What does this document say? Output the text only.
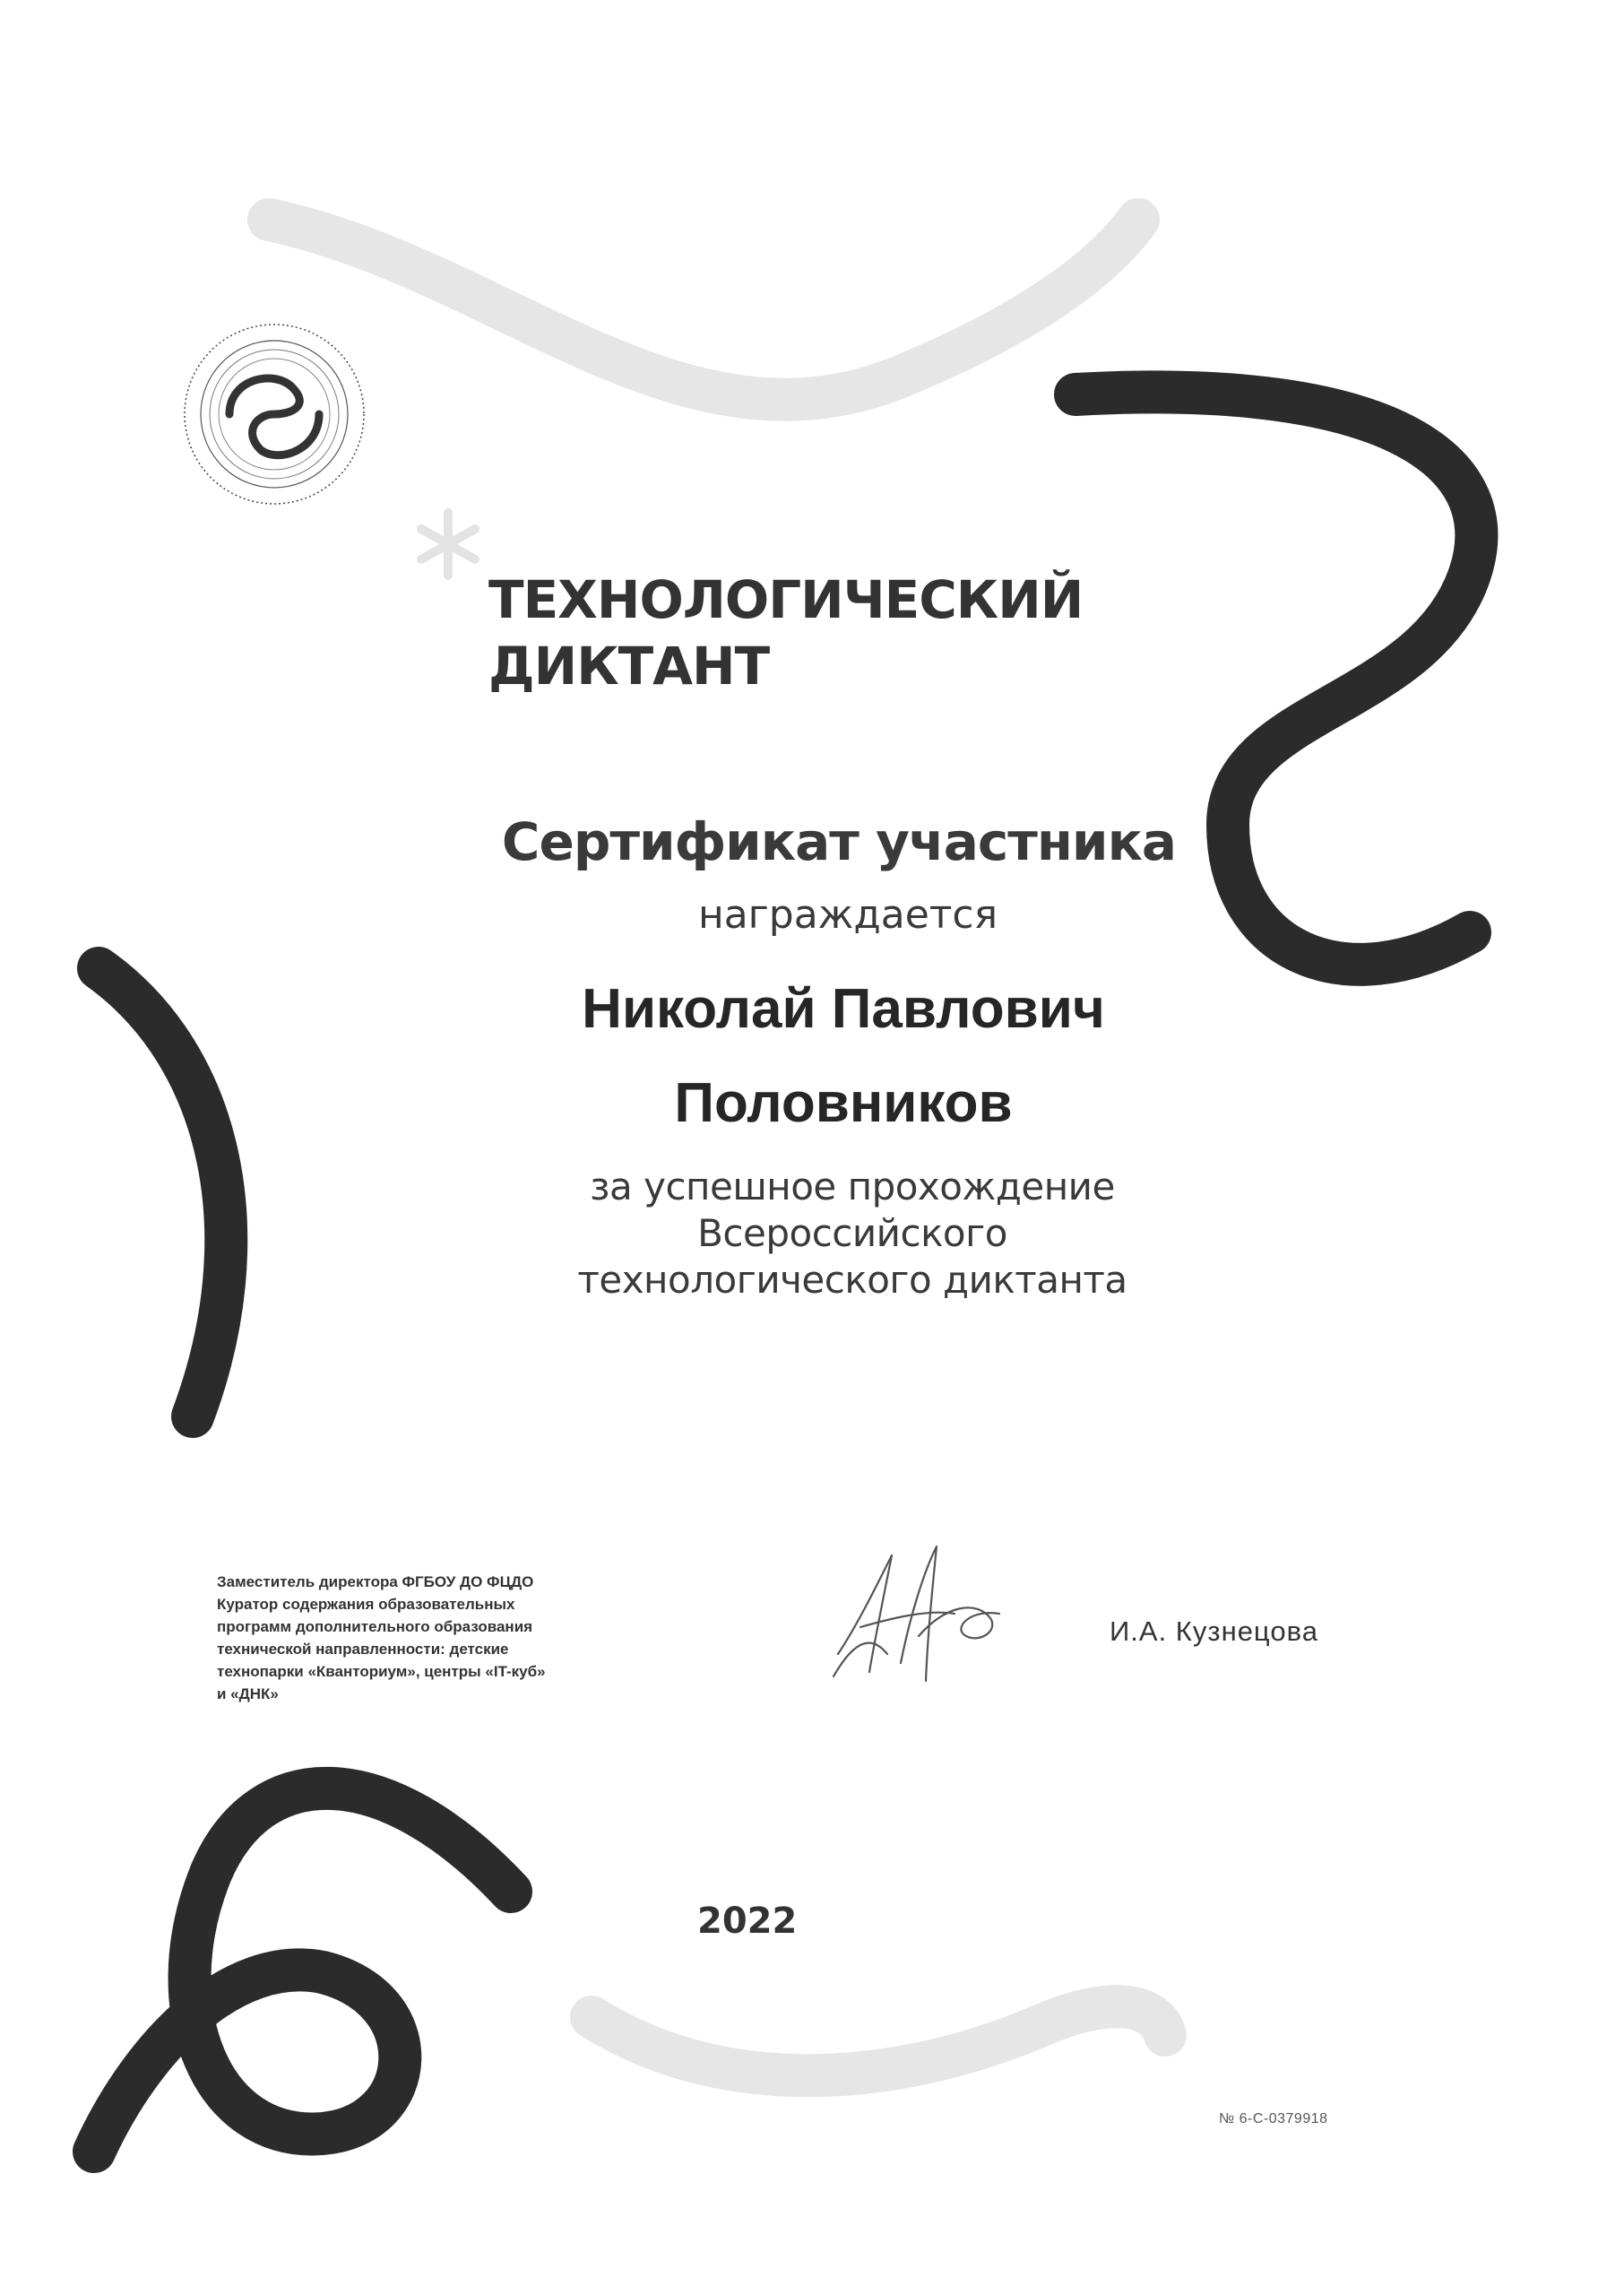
ТЕХНОЛОГИЧЕСКИЙ
ДИКТАНТ
Сертификат участника
награждается
Николай Павлович
Половников
за успешное прохождение
Всероссийского
технологического диктанта
Заместитель директора ФГБОУ ДО ФЦДО
Куратор содержания образовательных
программ дополнительного образования
технической направленности: детские
технопарки «Кванториум», центры «IT-куб»
и «ДНК»
И.А. Кузнецова
2022
№ 6-С-0379918
